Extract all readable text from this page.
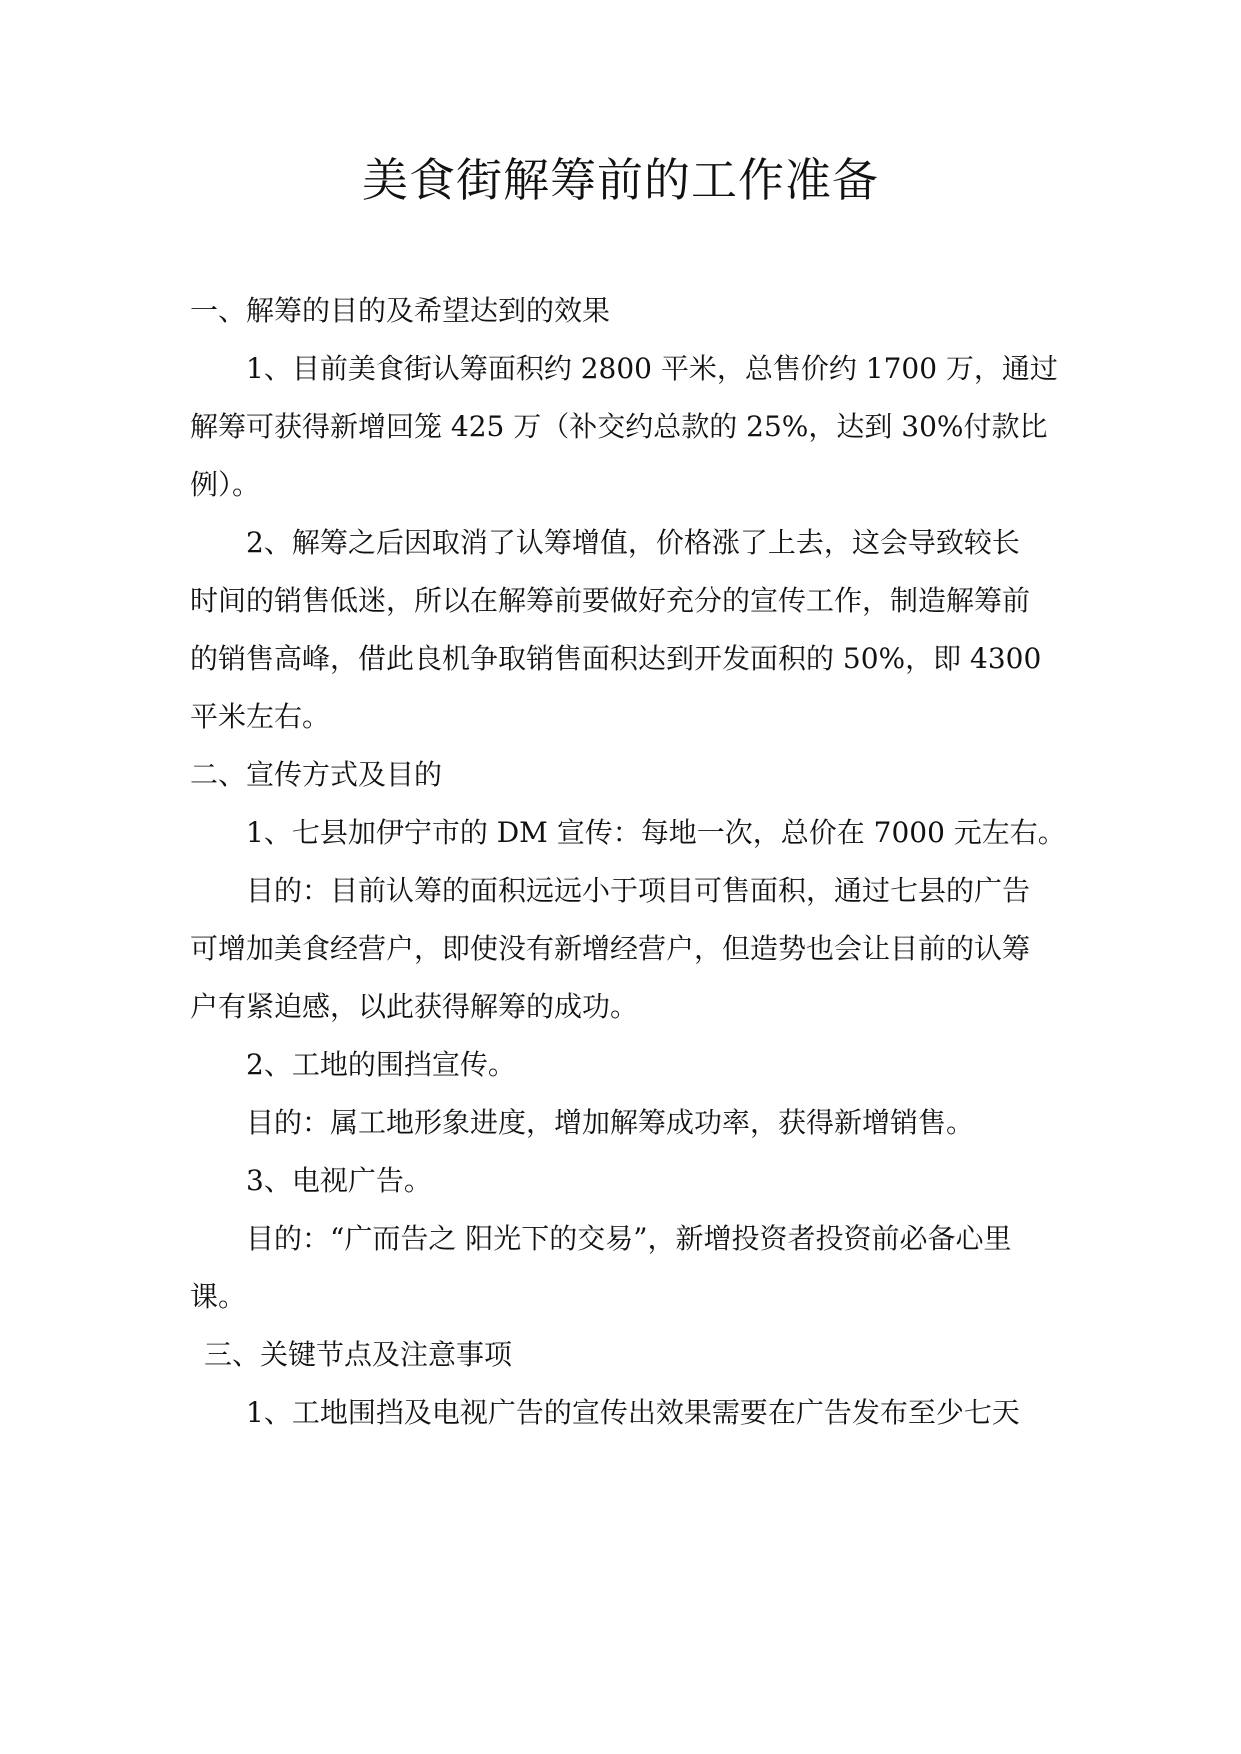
美食街解筹前的工作准备
一、解筹的目的及希望达到的效果
1、目前美食街认筹面积约 2800 平米，总售价约 1700 万，通过
解筹可获得新增回笼 425 万（补交约总款的 25%，达到 30%付款比
例）。
2、解筹之后因取消了认筹增值，价格涨了上去，这会导致较长
时间的销售低迷，所以在解筹前要做好充分的宣传工作，制造解筹前
的销售高峰，借此良机争取销售面积达到开发面积的 50%，即 4300
平米左右。
二、宣传方式及目的
1、七县加伊宁市的 DM 宣传：每地一次，总价在 7000 元左右。
目的：目前认筹的面积远远小于项目可售面积，通过七县的广告
可增加美食经营户，即使没有新增经营户，但造势也会让目前的认筹
户有紧迫感，以此获得解筹的成功。
2、工地的围挡宣传。
目的：属工地形象进度，增加解筹成功率，获得新增销售。
3、电视广告。
目的：“广而告之 阳光下的交易”，新增投资者投资前必备心里
课。
三、关键节点及注意事项
1、工地围挡及电视广告的宣传出效果需要在广告发布至少七天
